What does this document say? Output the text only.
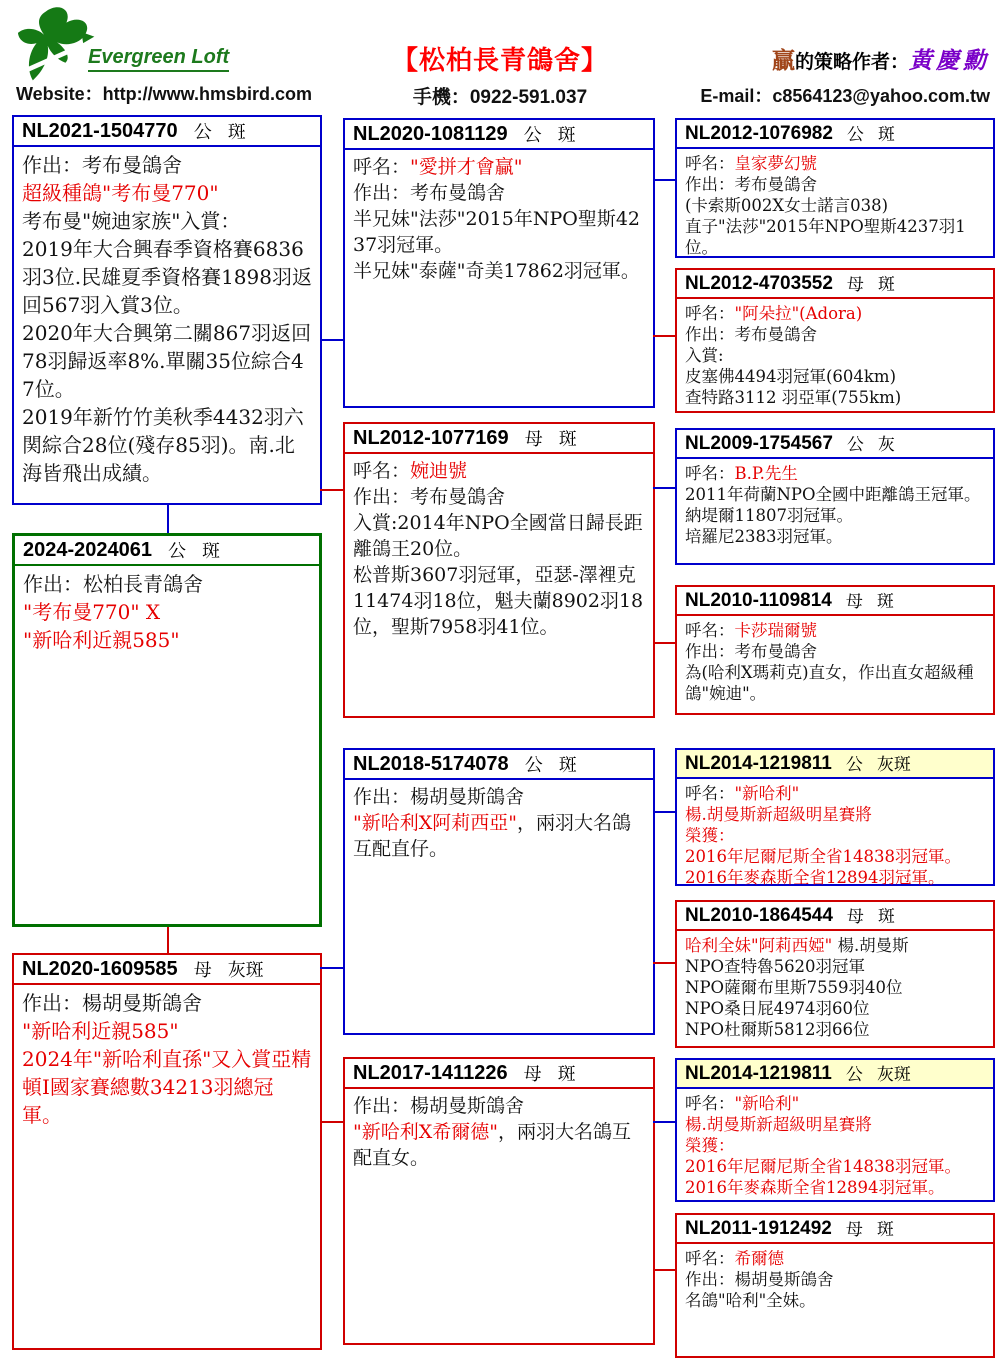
Evergreen Loft
Website：http://www.hmsbird.com
【松柏長青鴿舍】
手機：0922-591.037
贏的策略作者：黃慶勳
E-mail：c8564123@yahoo.com.tw
NL2021-1504770 公 斑
作出：考布曼鴿舍
超級種鴿"考布曼770"
考布曼"婉迪家族"入賞：
2019年大合興春季資格賽6836羽3位.民雄夏季資格賽1898羽返回567羽入賞3位。
2020年大合興第二關867羽返回78羽歸返率8%.單關35位綜合47位。
2019年新竹竹美秋季4432羽六関綜合28位(殘存85羽)。南.北海皆飛出成績。
2024-2024061 公 斑
作出：松柏長青鴿舍
"考布曼770" X
"新哈利近親585"
NL2020-1609585 母 灰斑
作出：楊胡曼斯鴿舍
"新哈利近親585"
2024年"新哈利直孫"又入賞亞精頓I國家賽總數34213羽總冠軍。
NL2020-1081129 公 斑
呼名："愛拼才會贏"
作出：考布曼鴿舍
半兄妹"法莎"2015年NPO聖斯4237羽冠軍。
半兄妹"泰薩"奇美17862羽冠軍。
NL2012-1077169 母 斑
呼名：婉迪號
作出：考布曼鴿舍
入賞:2014年NPO全國當日歸長距離鴿王20位。
松普斯3607羽冠軍，亞瑟-澤裡克11474羽18位，魁夫蘭8902羽18位，聖斯7958羽41位。
NL2018-5174078 公 斑
作出：楊胡曼斯鴿舍
"新哈利X阿莉西亞"，兩羽大名鴿互配直仔。
NL2017-1411226 母 斑
作出：楊胡曼斯鴿舍
"新哈利X希爾德"，兩羽大名鴿互配直女。
NL2012-1076982 公 斑
呼名：皇家夢幻號
作出：考布曼鴿舍
(卡索斯002X女士諾言038)
直子"法莎"2015年NPO聖斯4237羽1位。
NL2012-4703552 母 斑
呼名："阿朵拉"(Adora)
作出：考布曼鴿舍
入賞:
皮塞佛4494羽冠軍(604km)
查特路3112 羽亞軍(755km)
NL2009-1754567 公 灰
呼名：B.P.先生
2011年荷蘭NPO全國中距離鴿王冠軍。
納堤爾11807羽冠軍。
培羅尼2383羽冠軍。
NL2010-1109814 母 斑
呼名：卡莎瑞爾號
作出：考布曼鴿舍
為(哈利X瑪莉克)直女，作出直女超級種鴿"婉迪"。
NL2014-1219811 公 灰斑
呼名："新哈利"
楊.胡曼斯新超級明星賽將
榮獲：
2016年尼爾尼斯全省14838羽冠軍。
2016年麥森斯全省12894羽冠軍。
NL2010-1864544 母 斑
哈利全妹"阿莉西婭" 楊.胡曼斯
NPO查特魯5620羽冠軍
NPO薩爾布里斯7559羽40位
NPO桑日屁4974羽60位
NPO杜爾斯5812羽66位
NL2014-1219811 公 灰斑
呼名："新哈利"
楊.胡曼斯新超級明星賽將
榮獲：
2016年尼爾尼斯全省14838羽冠軍。
2016年麥森斯全省12894羽冠軍。
NL2011-1912492 母 斑
呼名：希爾德
作出：楊胡曼斯鴿舍
名鴿"哈利"全妹。
